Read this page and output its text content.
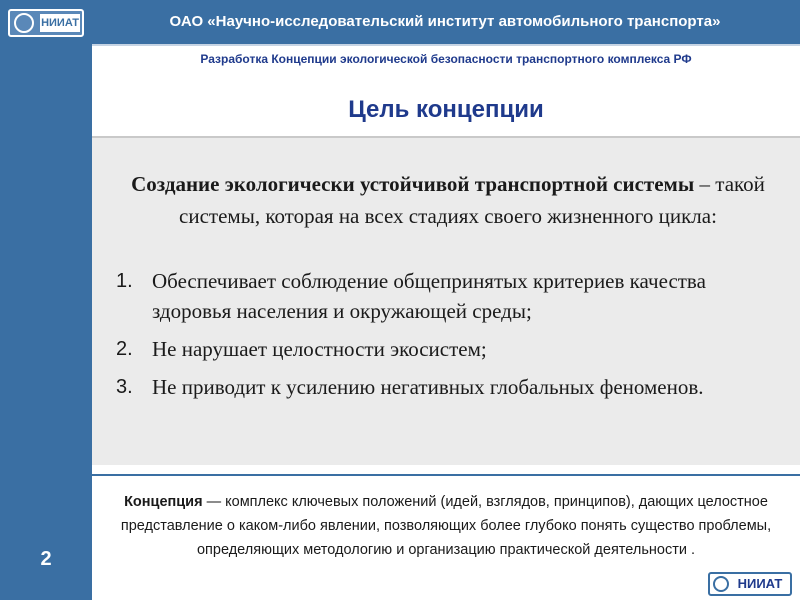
НИИАТ	ОАО «Научно-исследовательский институт автомобильного транспорта»
Разработка Концепции экологической безопасности транспортного комплекса РФ
Цель концепции
Создание экологически устойчивой транспортной системы – такой системы, которая на всех стадиях своего жизненного цикла:
1. Обеспечивает соблюдение общепринятых критериев качества здоровья населения и окружающей среды;
2. Не нарушает целостности экосистем;
3. Не приводит к усилению негативных глобальных феноменов.
Концепция — комплекс ключевых положений (идей, взглядов, принципов), дающих целостное представление о каком-либо явлении, позволяющих более глубоко понять существо проблемы, определяющих методологию и организацию практической деятельности .
2
НИИАТ
